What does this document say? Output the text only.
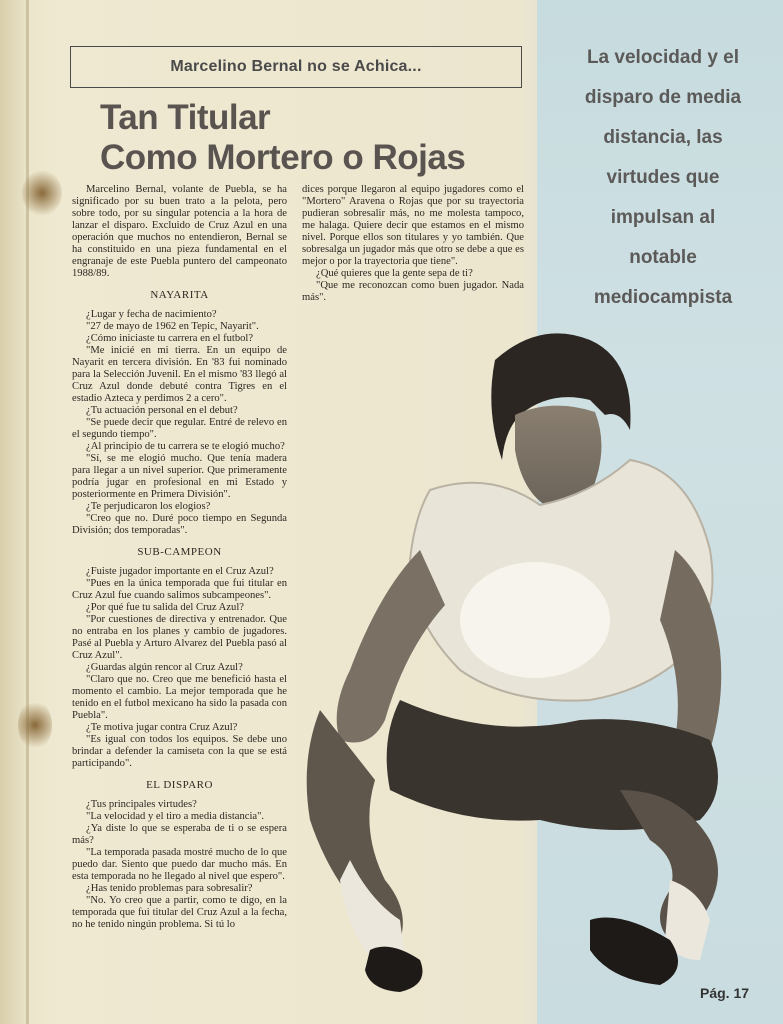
Marcelino Bernal no se Achica...
Tan Titular
Como Mortero o Rojas
La velocidad y el
disparo de media
distancia, las
virtudes que
impulsan al
notable
mediocampista

Marcelino Bernal, volante de Puebla, se ha significado por su buen trato a la pelota, pero sobre todo, por su singular potencia a la hora de lanzar el disparo. Excluido de Cruz Azul en una operación que muchos no entendieron, Bernal se ha constituido en una pieza fundamental en el engranaje de este Puebla puntero del campeonato 1988/89.

NAYARITA

¿Lugar y fecha de nacimiento?

"27 de mayo de 1962 en Tepic, Nayarit".

¿Cómo iniciaste tu carrera en el futbol?

"Me inicié en mi tierra. En un equipo de Nayarit en tercera división. En '83 fui nominado para la Selección Juvenil. En el mismo '83 llegó al Cruz Azul donde debuté contra Tigres en el estadio Azteca y perdimos 2 a cero".

¿Tu actuación personal en el debut?

"Se puede decir que regular. Entré de relevo en el segundo tiempo".

¿Al principio de tu carrera se te elogió mucho?

"Sí, se me elogió mucho. Que tenía madera para llegar a un nivel superior. Que primeramente podría jugar en profesional en mi Estado y posteriormente en Primera División".

¿Te perjudicaron los elogios?

"Creo que no. Duré poco tiempo en Segunda División; dos temporadas".

SUB-CAMPEON

¿Fuiste jugador importante en el Cruz Azul?

"Pues en la única temporada que fui titular en Cruz Azul fue cuando salimos subcampeones".

¿Por qué fue tu salida del Cruz Azul?

"Por cuestiones de directiva y entrenador. Que no entraba en los planes y cambio de jugadores. Pasé al Puebla y Arturo Alvarez del Puebla pasó al Cruz Azul".

¿Guardas algún rencor al Cruz Azul?

"Claro que no. Creo que me benefició hasta el momento el cambio. La mejor temporada que he tenido en el futbol mexicano ha sido la pasada con Puebla".

¿Te motiva jugar contra Cruz Azul?

"Es igual con todos los equipos. Se debe uno brindar a defender la camiseta con la que se está participando".

EL DISPARO

¿Tus principales virtudes?

"La velocidad y el tiro a media distancia".

¿Ya diste lo que se esperaba de ti o se espera más?

"La temporada pasada mostré mucho de lo que puedo dar. Siento que puedo dar mucho más. En esta temporada no he llegado al nivel que espero".

¿Has tenido problemas para sobresalir?

"No. Yo creo que a partir, como te digo, en la temporada que fui titular del Cruz Azul a la fecha, no he tenido ningún problema. Si tú lo

dices porque llegaron al equipo jugadores como el "Mortero" Aravena o Rojas que por su trayectoria pudieran sobresalir más, no me molesta tampoco, me halaga. Quiere decir que estamos en el mismo nivel. Porque ellos son titulares y yo también. Que sobresalga un jugador más que otro se debe a que es mejor o por la trayectoria que tiene".

¿Qué quieres que la gente sepa de ti?

"Que me reconozcan como buen jugador. Nada más".

Pág. 17
